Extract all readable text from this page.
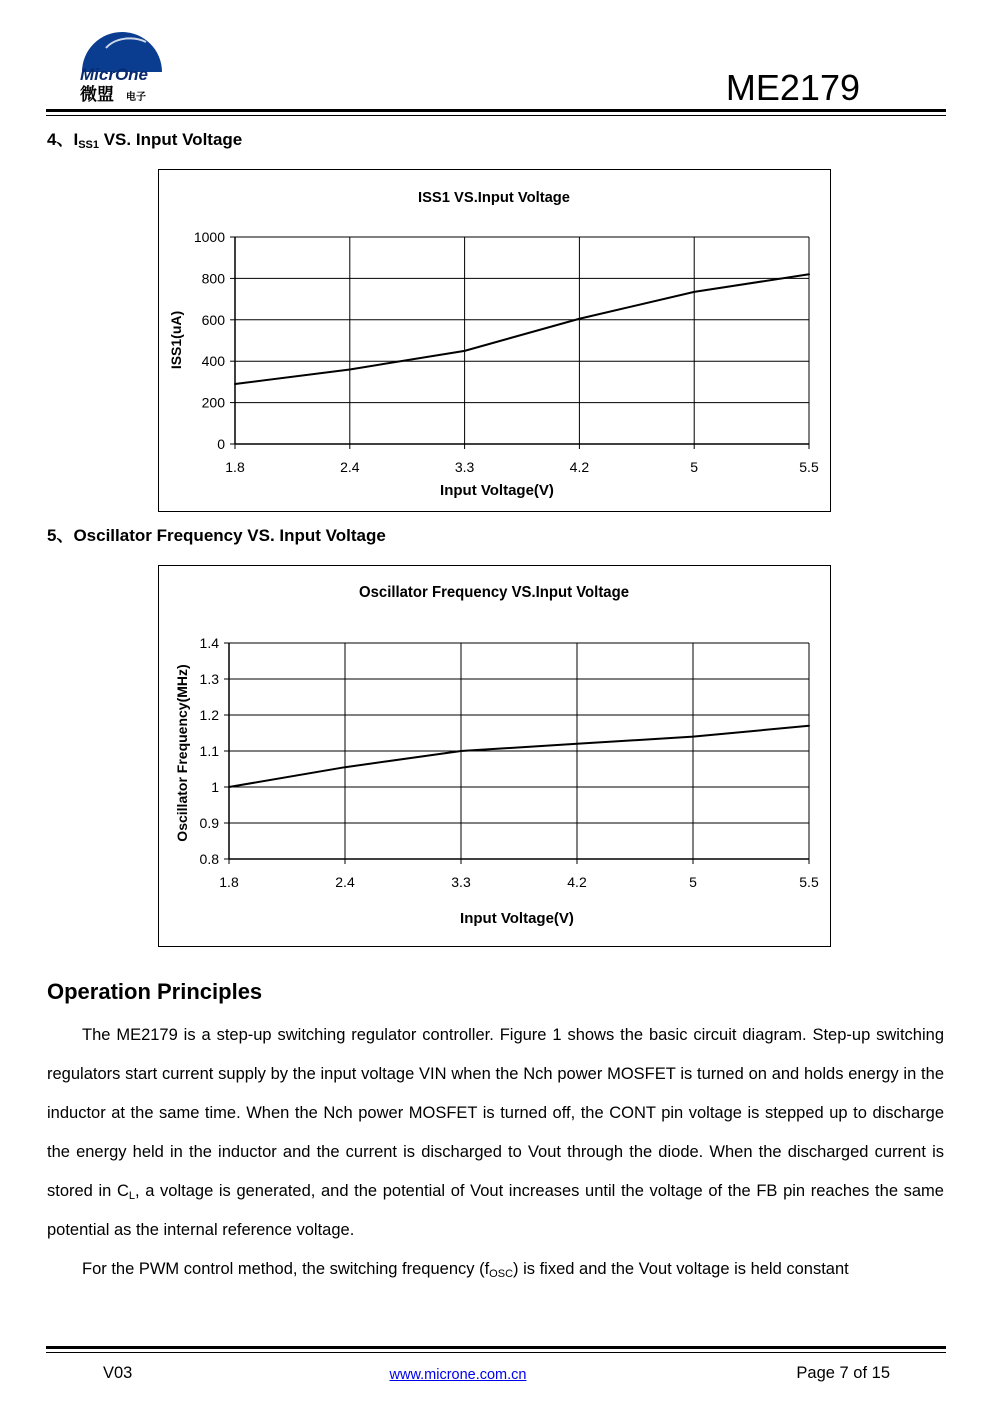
MicrOne
微盟 电子	ME2179
4、$I_{SS1}$ VS. Input Voltage
ISS1 VS.Input Voltage
0
200
400
600
800
1000
1.8	2.4	3.3	4.2	5	5.5
Input Voltage(V)
ISS1(uA)
5、Oscillator Frequency VS. Input Voltage
Oscillator Frequency VS.Input Voltage
0.8
0.9
1
1.1
1.2
1.3
1.4
1.8	2.4	3.3	4.2	5	5.5
Input Voltage(V)
Oscillator Frequency(MHz)
Operation Principles

The ME2179 is a step-up switching regulator controller. Figure 1 shows the basic circuit diagram. Step-up switching regulators start current supply by the input voltage VIN when the Nch power MOSFET is turned on and holds energy in the inductor at the same time. When the Nch power MOSFET is turned off, the CONT pin voltage is stepped up to discharge the energy held in the inductor and the current is discharged to Vout through the diode. When the discharged current is stored in $C_L$, a voltage is generated, and the potential of Vout increases until the voltage of the FB pin reaches the same potential as the internal reference voltage.

For the PWM control method, the switching frequency $(f_{OSC})$ is fixed and the Vout voltage is held constant

V03	www.microne.com.cn	Page 7 of 15
